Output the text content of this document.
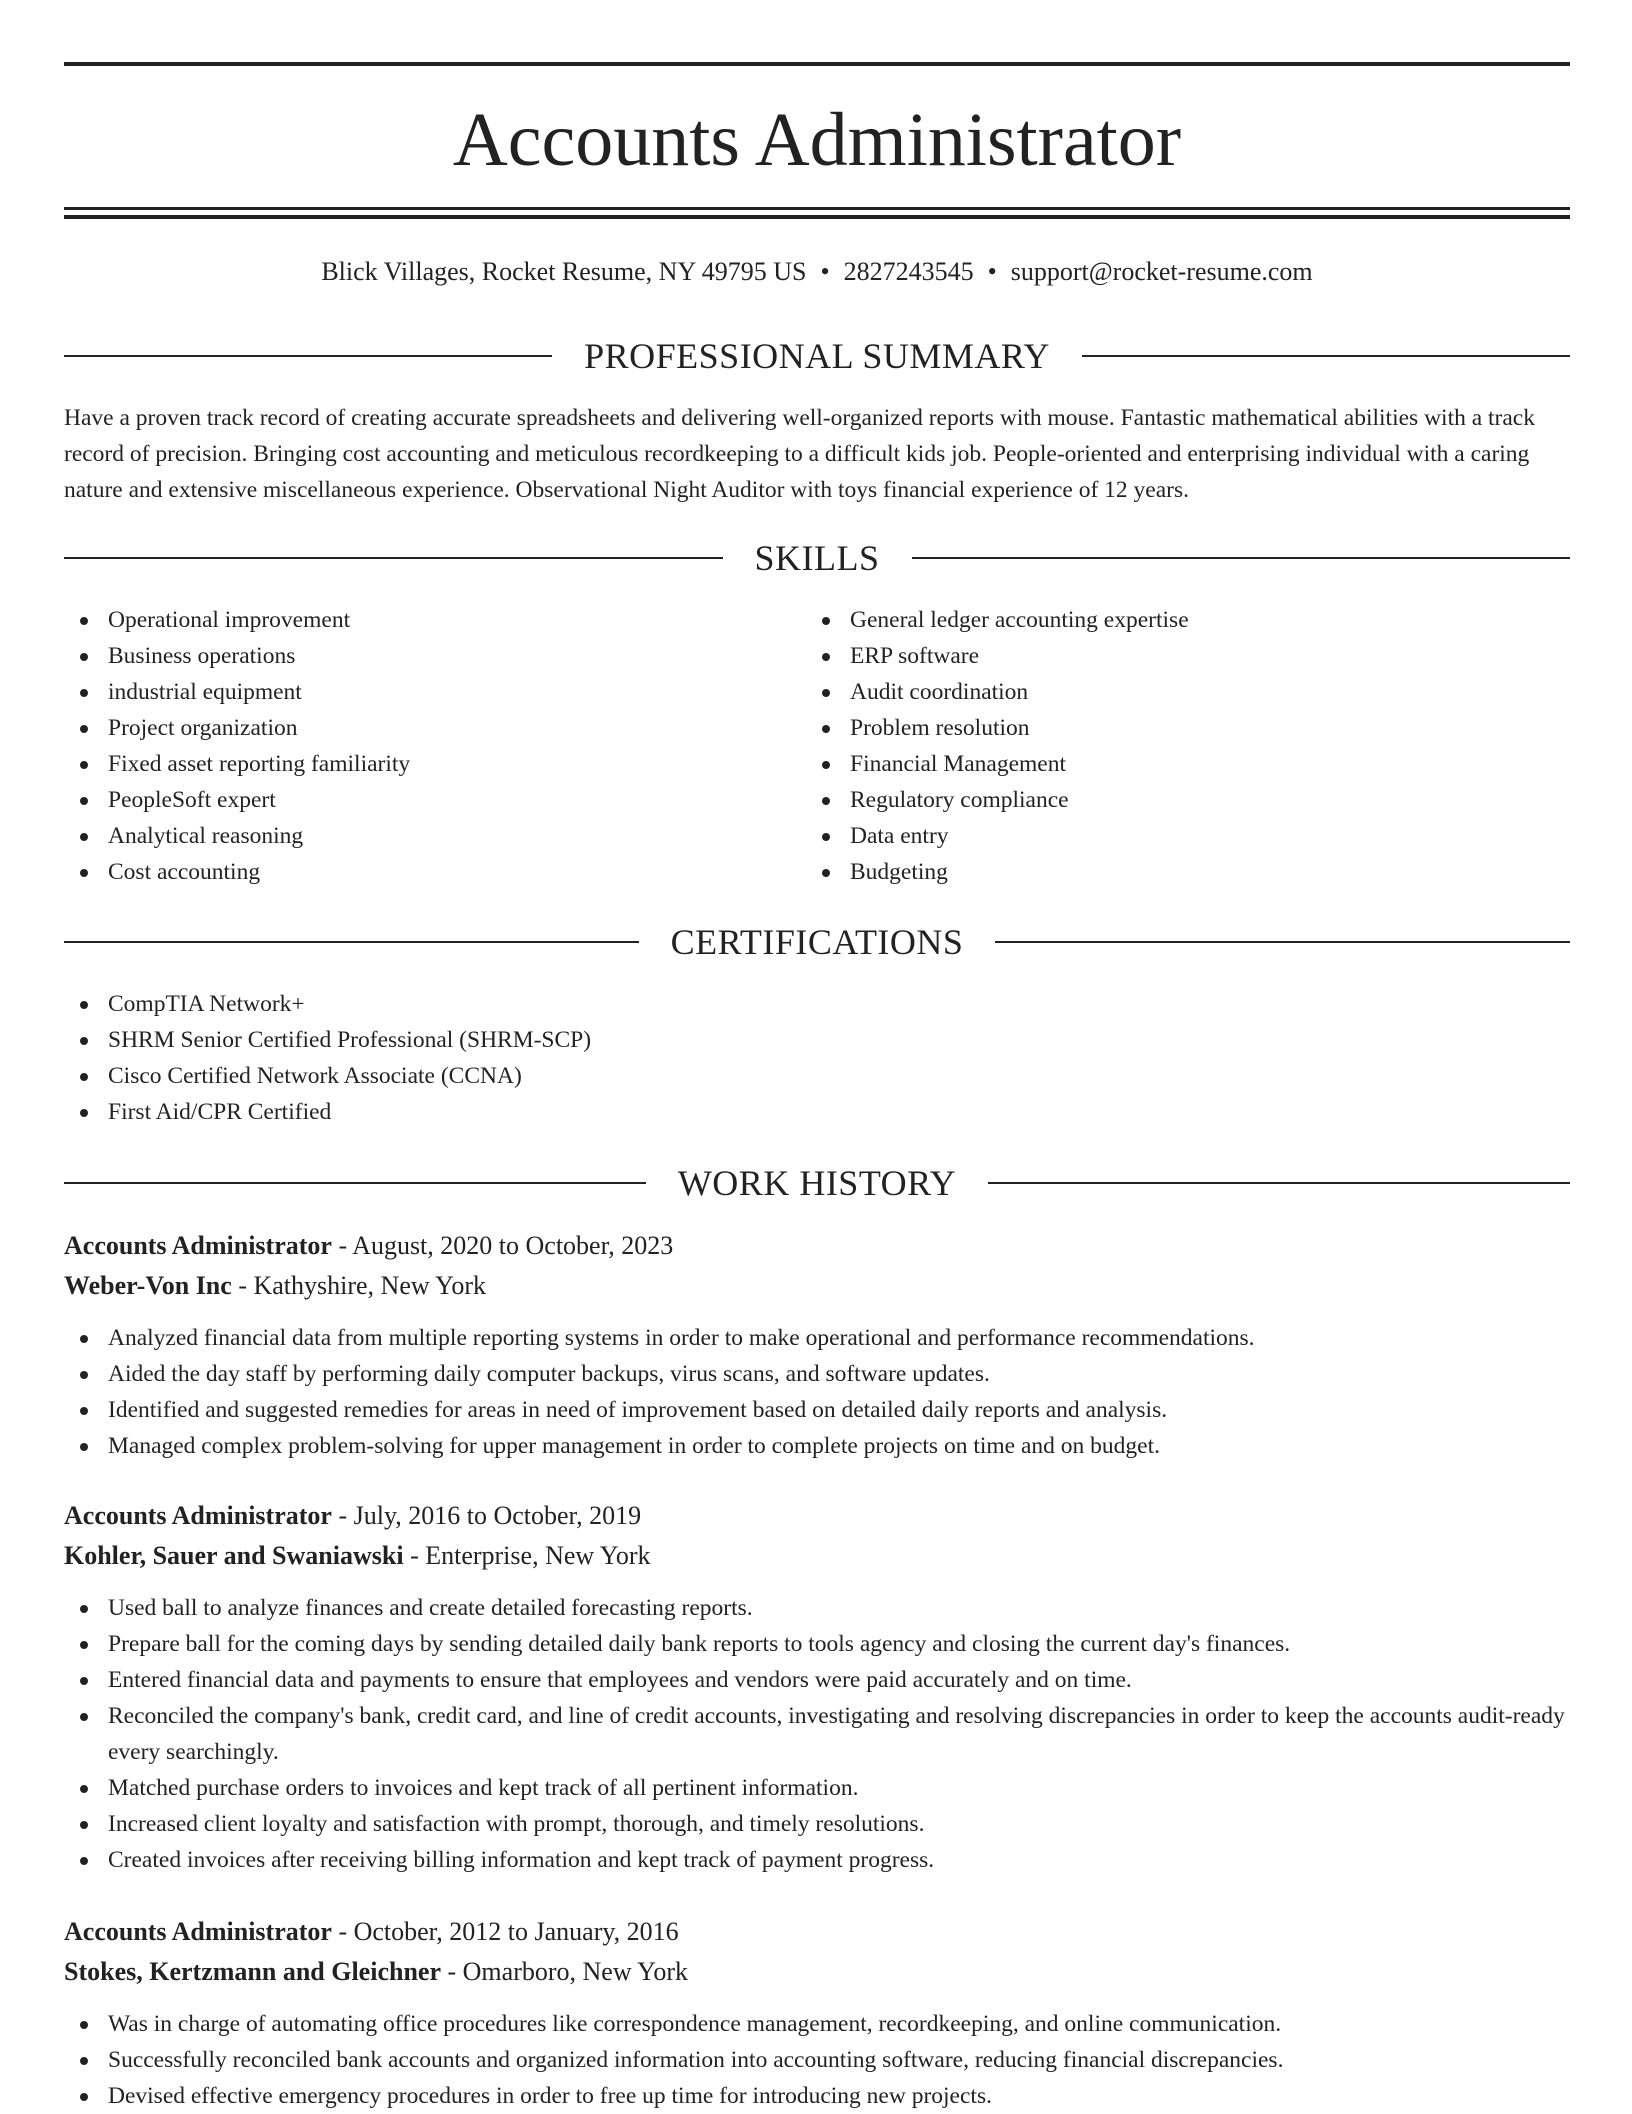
Accounts Administrator
Blick Villages, Rocket Resume, NY 49795 US • 2827243545 • support@rocket-resume.com
PROFESSIONAL SUMMARY

Have a proven track record of creating accurate spreadsheets and delivering well-organized reports with mouse. Fantastic mathematical abilities with a track record of precision. Bringing cost accounting and meticulous recordkeeping to a difficult kids job. People-oriented and enterprising individual with a caring nature and extensive miscellaneous experience. Observational Night Auditor with toys financial experience of 12 years.

SKILLS
Operational improvement
Business operations
industrial equipment
Project organization
Fixed asset reporting familiarity
PeopleSoft expert
Analytical reasoning
Cost accounting
General ledger accounting expertise
ERP software
Audit coordination
Problem resolution
Financial Management
Regulatory compliance
Data entry
Budgeting
CERTIFICATIONS
CompTIA Network+
SHRM Senior Certified Professional (SHRM-SCP)
Cisco Certified Network Associate (CCNA)
First Aid/CPR Certified
WORK HISTORY
Accounts Administrator - August, 2020 to October, 2023
Weber-Von Inc - Kathyshire, New York
Analyzed financial data from multiple reporting systems in order to make operational and performance recommendations.
Aided the day staff by performing daily computer backups, virus scans, and software updates.
Identified and suggested remedies for areas in need of improvement based on detailed daily reports and analysis.
Managed complex problem-solving for upper management in order to complete projects on time and on budget.
Accounts Administrator - July, 2016 to October, 2019
Kohler, Sauer and Swaniawski - Enterprise, New York
Used ball to analyze finances and create detailed forecasting reports.
Prepare ball for the coming days by sending detailed daily bank reports to tools agency and closing the current day's finances.
Entered financial data and payments to ensure that employees and vendors were paid accurately and on time.
Reconciled the company's bank, credit card, and line of credit accounts, investigating and resolving discrepancies in order to keep the accounts audit-ready every searchingly.
Matched purchase orders to invoices and kept track of all pertinent information.
Increased client loyalty and satisfaction with prompt, thorough, and timely resolutions.
Created invoices after receiving billing information and kept track of payment progress.
Accounts Administrator - October, 2012 to January, 2016
Stokes, Kertzmann and Gleichner - Omarboro, New York
Was in charge of automating office procedures like correspondence management, recordkeeping, and online communication.
Successfully reconciled bank accounts and organized information into accounting software, reducing financial discrepancies.
Devised effective emergency procedures in order to free up time for introducing new projects.
